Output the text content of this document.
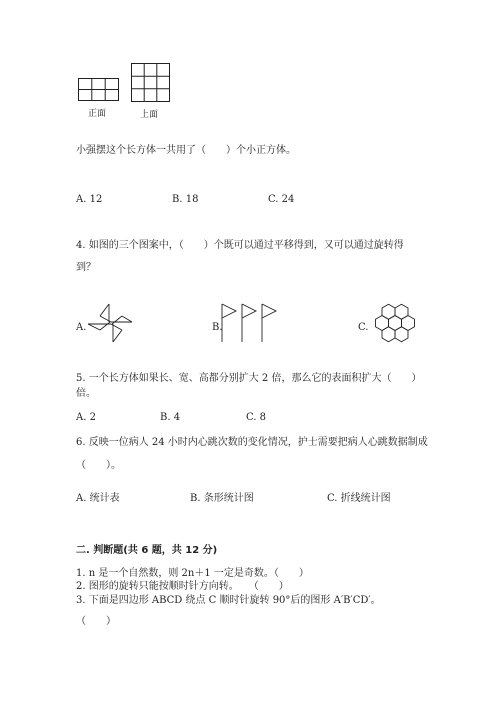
正面	上面
小强摆这个长方体一共用了（　　）个小正方体。
A. 12	B. 18	C. 24
4. 如图的三个图案中，（　　）个既可以通过平移得到，又可以通过旋转得
到？
A.	B.	C.
5. 一个长方体如果长、宽、高都分别扩大 2 倍，那么它的表面积扩大（　　）
倍。
A. 2	B. 4	C. 8
6. 反映一位病人 24 小时内心跳次数的变化情况，护士需要把病人心跳数据制成
（　　）。
A. 统计表	B. 条形统计图	C. 折线统计图
二. 判断题(共 6 题，共 12 分)
1. n 是一个自然数，则 2n＋1 一定是奇数。（　　）
2. 图形的旋转只能按顺时针方向转。　　（　　）
3. 下面是四边形 ABCD 绕点 C 顺时针旋转 90°后的图形 A′B′CD′。
（　　）
